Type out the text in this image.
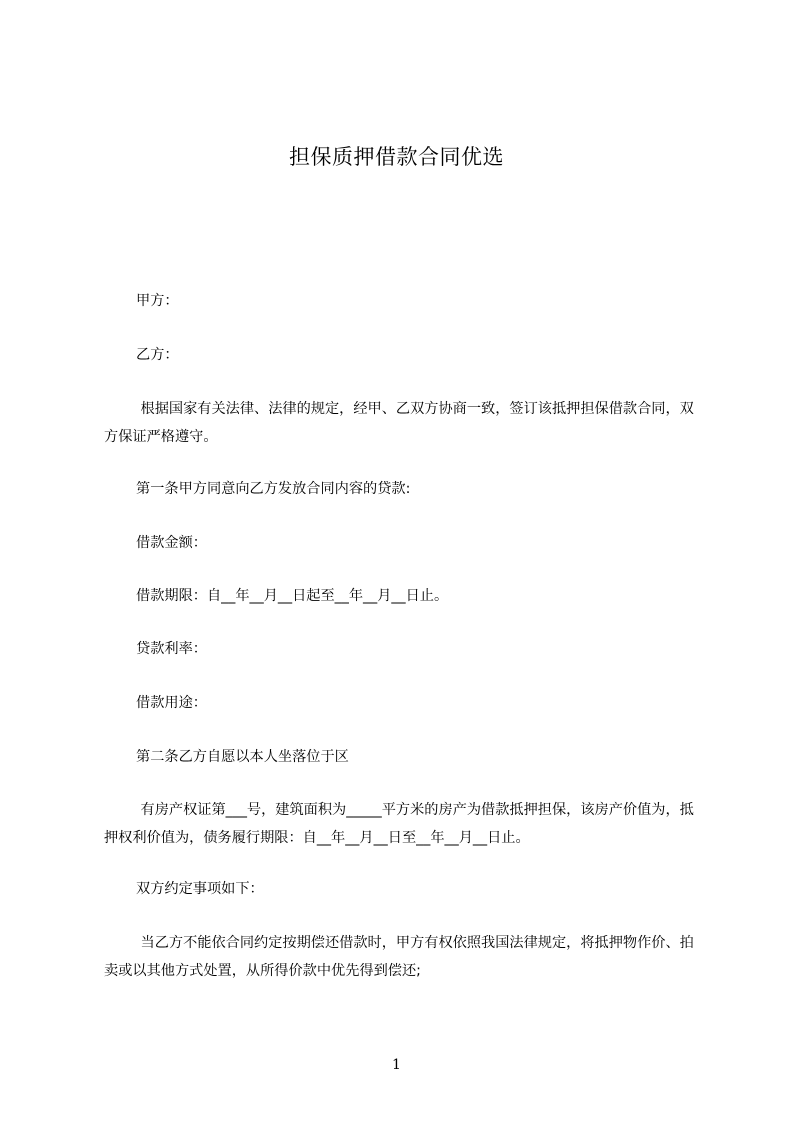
担保质押借款合同优选
甲方：
乙方：
根据国家有关法律、法律的规定，经甲、乙双方协商一致，签订该抵押担保借款合同，双方保证严格遵守。
第一条甲方同意向乙方发放合同内容的贷款:
借款金额：
借款期限：自__年__月__日起至__年__月__日止。
贷款利率：
借款用途：
第二条乙方自愿以本人坐落位于区
有房产权证第___号，建筑面积为_____平方米的房产为借款抵押担保，该房产价值为，抵押权利价值为，债务履行期限：自__年__月__日至__年__月__日止。
双方约定事项如下：
当乙方不能依合同约定按期偿还借款时，甲方有权依照我国法律规定，将抵押物作价、拍卖或以其他方式处置，从所得价款中优先得到偿还;
1
